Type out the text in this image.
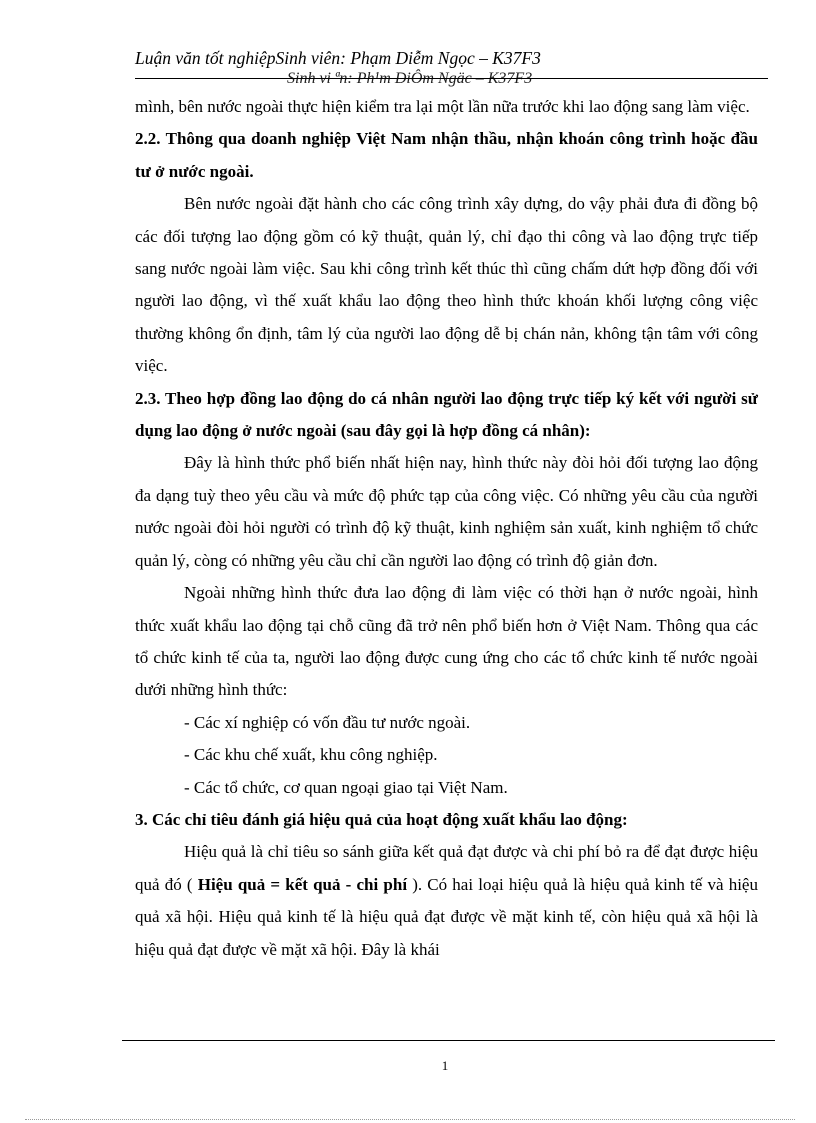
Sinh vi ªn: Ph¹m DiÔm Ngäc – K37F3
Luận văn tốt nghiệpSinh viên: Phạm Diễm Ngọc – K37F3

mình, bên nước ngoài thực hiện kiểm tra lại một lần nữa trước khi lao động sang làm việc.

2.2. Thông qua doanh nghiệp Việt Nam nhận thầu, nhận khoán công trình hoặc đầu tư ở nước ngoài.

Bên nước ngoài đặt hành cho các công trình xây dựng, do vậy phải đưa đi đồng bộ các đối tượng lao động gồm có kỹ thuật, quản lý, chỉ đạo thi công và lao động trực tiếp sang nước ngoài làm việc. Sau khi công trình kết thúc thì cũng chấm dứt hợp đồng đối với người lao động, vì thế xuất khẩu lao động theo hình thức khoán khối lượng công việc thường không ổn định, tâm lý của người lao động dễ bị chán nản, không tận tâm với công việc.

2.3. Theo hợp đồng lao động do cá nhân người lao động trực tiếp ký kết với người sử dụng lao động ở nước ngoài (sau đây gọi là hợp đồng cá nhân):

Đây là hình thức phổ biến nhất hiện nay, hình thức này đòi hỏi đối tượng lao động đa dạng tuỳ theo yêu cầu và mức độ phức tạp của công việc. Có những yêu cầu của người nước ngoài đòi hỏi người có trình độ kỹ thuật, kinh nghiệm sản xuất, kinh nghiệm tổ chức quản lý, còng có những yêu cầu chỉ cần người lao động có trình độ giản đơn.

Ngoài những hình thức đưa lao động đi làm việc có thời hạn ở nước ngoài, hình thức xuất khẩu lao động tại chỗ cũng đã trở nên phổ biến hơn ở Việt Nam. Thông qua các tổ chức kinh tế của ta, người lao động được cung ứng cho các tổ chức kinh tế nước ngoài dưới những hình thức:

- Các xí nghiệp có vốn đầu tư nước ngoài.

- Các khu chế xuất, khu công nghiệp.

- Các tổ chức, cơ quan ngoại giao tại Việt Nam.

3. Các chỉ tiêu đánh giá hiệu quả của hoạt động xuất khẩu lao động:

Hiệu quả là chỉ tiêu so sánh giữa kết quả đạt được và chi phí bỏ ra để đạt được hiệu quả đó ( Hiệu quả = kết quả - chi phí ). Có hai loại hiệu quả là hiệu quả kinh tế và hiệu quả xã hội. Hiệu quả kinh tế là hiệu quả đạt được về mặt kinh tế, còn hiệu quả xã hội là hiệu quả đạt được về mặt xã hội. Đây là khái

1
